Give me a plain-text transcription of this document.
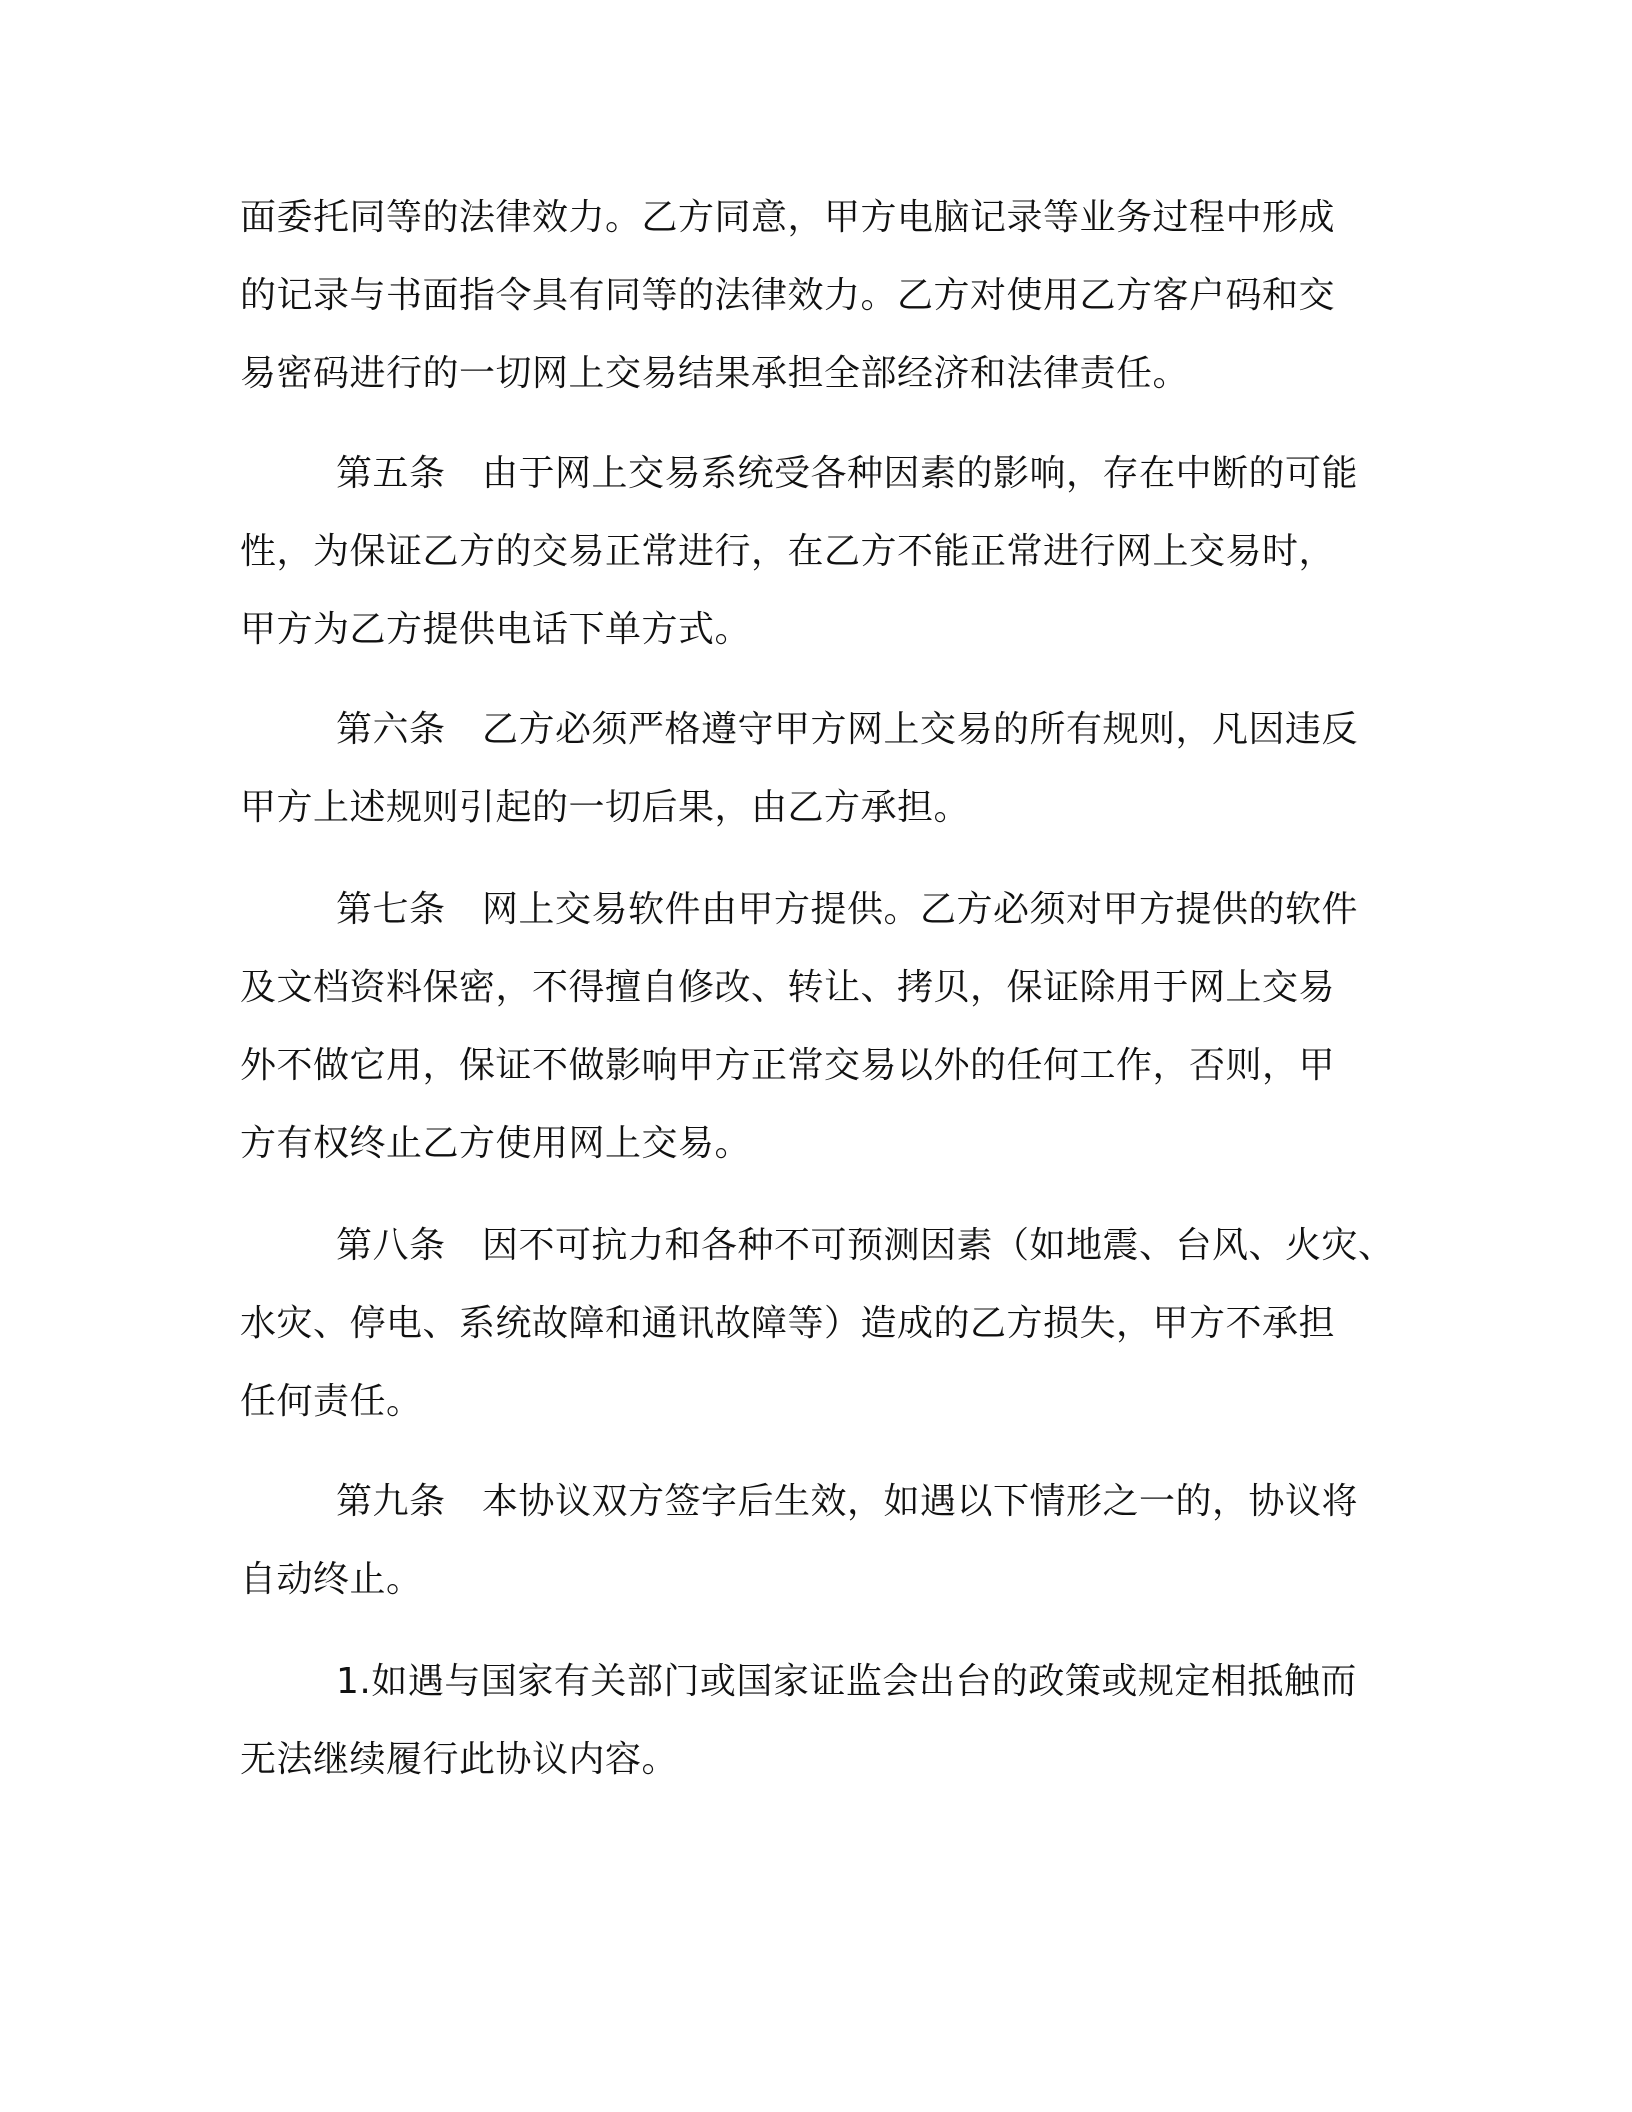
面委托同等的法律效力。乙方同意，甲方电脑记录等业务过程中形成

的记录与书面指令具有同等的法律效力。乙方对使用乙方客户码和交

易密码进行的一切网上交易结果承担全部经济和法律责任。

第五条　由于网上交易系统受各种因素的影响，存在中断的可能

性，为保证乙方的交易正常进行，在乙方不能正常进行网上交易时，

甲方为乙方提供电话下单方式。

第六条　乙方必须严格遵守甲方网上交易的所有规则，凡因违反

甲方上述规则引起的一切后果，由乙方承担。

第七条　网上交易软件由甲方提供。乙方必须对甲方提供的软件

及文档资料保密，不得擅自修改、转让、拷贝，保证除用于网上交易

外不做它用，保证不做影响甲方正常交易以外的任何工作，否则，甲

方有权终止乙方使用网上交易。

第八条　因不可抗力和各种不可预测因素（如地震、台风、火灾、

水灾、停电、系统故障和通讯故障等）造成的乙方损失，甲方不承担

任何责任。

第九条　本协议双方签字后生效，如遇以下情形之一的，协议将

自动终止。

1.如遇与国家有关部门或国家证监会出台的政策或规定相抵触而

无法继续履行此协议内容。
